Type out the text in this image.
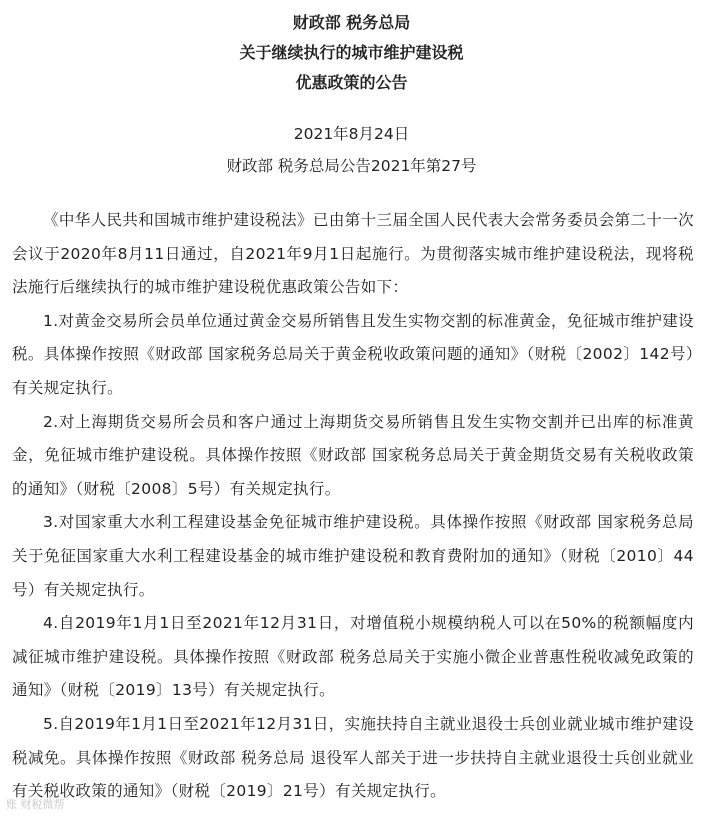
财政部 税务总局
关于继续执行的城市维护建设税
优惠政策的公告
2021年8月24日
财政部 税务总局公告2021年第27号

《中华人民共和国城市维护建设税法》已由第十三届全国人民代表大会常务委员会第二十一次会议于2020年8月11日通过，自2021年9月1日起施行。为贯彻落实城市维护建设税法，现将税法施行后继续执行的城市维护建设税优惠政策公告如下：

1.对黄金交易所会员单位通过黄金交易所销售且发生实物交割的标准黄金，免征城市维护建设税。具体操作按照《财政部 国家税务总局关于黄金税收政策问题的通知》（财税〔2002〕142号）有关规定执行。

2.对上海期货交易所会员和客户通过上海期货交易所销售且发生实物交割并已出库的标准黄金，免征城市维护建设税。具体操作按照《财政部 国家税务总局关于黄金期货交易有关税收政策的通知》（财税〔2008〕5号）有关规定执行。

3.对国家重大水利工程建设基金免征城市维护建设税。具体操作按照《财政部 国家税务总局关于免征国家重大水利工程建设基金的城市维护建设税和教育费附加的通知》（财税〔2010〕44号）有关规定执行。

4.自2019年1月1日至2021年12月31日，对增值税小规模纳税人可以在50%的税额幅度内减征城市维护建设税。具体操作按照《财政部 税务总局关于实施小微企业普惠性税收减免政策的通知》（财税〔2019〕13号）有关规定执行。

5.自2019年1月1日至2021年12月31日，实施扶持自主就业退役士兵创业就业城市维护建设税减免。具体操作按照《财政部 税务总局 退役军人部关于进一步扶持自主就业退役士兵创业就业有关税收政策的通知》（财税〔2019〕21号）有关规定执行。

账 财税微帮
